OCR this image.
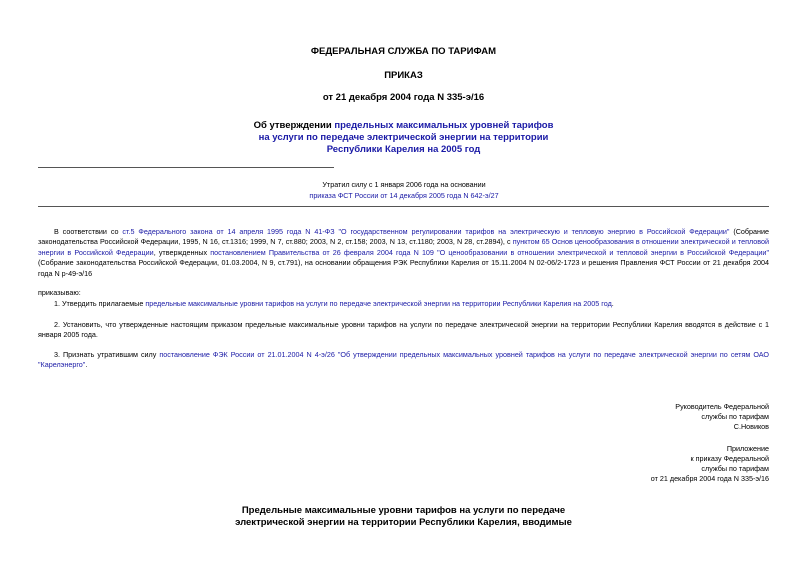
ФЕДЕРАЛЬНАЯ СЛУЖБА ПО ТАРИФАМ
ПРИКАЗ
от 21 декабря 2004 года N 335-э/16
Об утверждении предельных максимальных уровней тарифов
на услуги по передаче электрической энергии на территории
Республики Карелия на 2005 год
Утратил силу с 1 января 2006 года на основании
приказа ФСТ России от 14 декабря 2005 года N 642-э/27
В соответствии со ст.5 Федерального закона от 14 апреля 1995 года N 41-ФЗ "О государственном регулировании тарифов на электрическую и тепловую энергию в Российской Федерации" (Собрание законодательства Российской Федерации, 1995, N 16, ст.1316; 1999, N 7, ст.880; 2003, N 2, ст.158; 2003, N 13, ст.1180; 2003, N 28, ст.2894), с пунктом 65 Основ ценообразования в отношении электрической и тепловой энергии в Российской Федерации, утвержденных постановлением Правительства от 26 февраля 2004 года N 109 "О ценообразовании в отношении электрической и тепловой энергии в Российской Федерации" (Собрание законодательства Российской Федерации, 01.03.2004, N 9, ст.791), на основании обращения РЭК Республики Карелия от 15.11.2004 N 02-06/2-1723 и решения Правления ФСТ России от 21 декабря 2004 года N р-49-э/16
приказываю:
1. Утвердить прилагаемые предельные максимальные уровни тарифов на услуги по передаче электрической энергии на территории Республики Карелия на 2005 год.
2. Установить, что утвержденные настоящим приказом предельные максимальные уровни тарифов на услуги по передаче электрической энергии на территории Республики Карелия вводятся в действие с 1 января 2005 года.
3. Признать утратившим силу постановление ФЭК России от 21.01.2004 N 4-э/26 "Об утверждении предельных максимальных уровней тарифов на услуги по передаче электрической энергии по сетям ОАО "Карелэнерго".
Руководитель Федеральной
службы по тарифам
С.Новиков
Приложение
к приказу Федеральной
службы по тарифам
от 21 декабря 2004 года N 335-э/16
Предельные максимальные уровни тарифов на услуги по передаче
электрической энергии на территории Республики Карелия, вводимые
